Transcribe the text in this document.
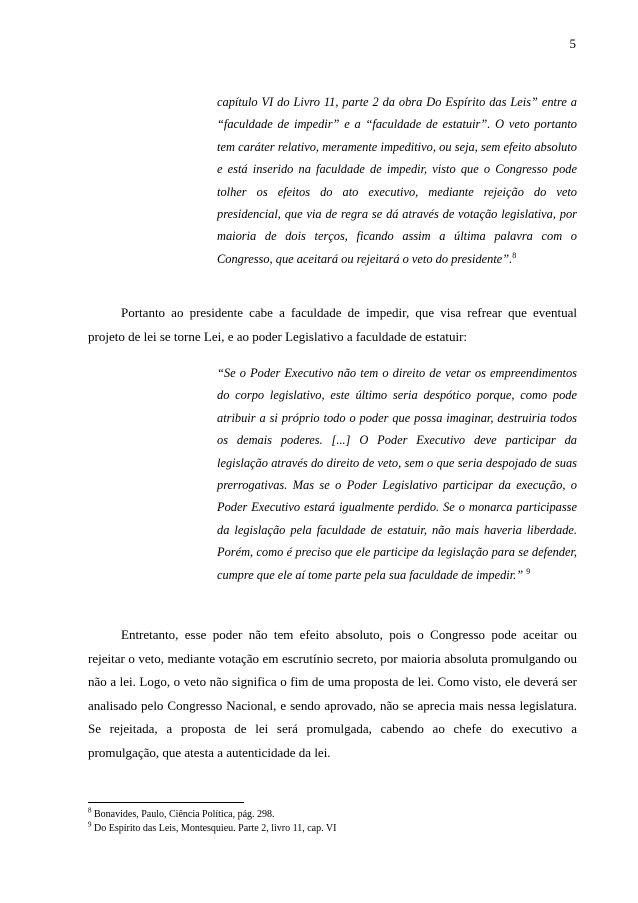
5
capítulo VI do Livro 11, parte 2 da obra Do Espírito das Leis” entre a “faculdade de impedir” e a “faculdade de estatuir”. O veto portanto tem caráter relativo, meramente impeditivo, ou seja, sem efeito absoluto e está inserido na faculdade de impedir, visto que o Congresso pode tolher os efeitos do ato executivo, mediante rejeição do veto presidencial, que via de regra se dá através de votação legislativa, por maioria de dois terços, ficando assim a última palavra com o Congresso, que aceitará ou rejeitará o veto do presidente”.$^8$
Portanto ao presidente cabe a faculdade de impedir, que visa refrear que eventual projeto de lei se torne Lei, e ao poder Legislativo a faculdade de estatuir:
“Se o Poder Executivo não tem o direito de vetar os empreendimentos do corpo legislativo, este último seria despótico porque, como pode atribuir a si próprio todo o poder que possa imaginar, destruiria todos os demais poderes. [...] O Poder Executivo deve participar da legislação através do direito de veto, sem o que seria despojado de suas prerrogativas. Mas se o Poder Legislativo participar da execução, o Poder Executivo estará igualmente perdido. Se o monarca participasse da legislação pela faculdade de estatuir, não mais haveria liberdade. Porém, como é preciso que ele participe da legislação para se defender, cumpre que ele aí tome parte pela sua faculdade de impedir.” $^9$
Entretanto, esse poder não tem efeito absoluto, pois o Congresso pode aceitar ou rejeitar o veto, mediante votação em escrutínio secreto, por maioria absoluta promulgando ou não a lei. Logo, o veto não significa o fim de uma proposta de lei. Como visto, ele deverá ser analisado pelo Congresso Nacional, e sendo aprovado, não se aprecia mais nessa legislatura. Se rejeitada, a proposta de lei será promulgada, cabendo ao chefe do executivo a promulgação, que atesta a autenticidade da lei.
$^8$ Bonavides, Paulo, Ciência Política, pág. 298.
$^9$ Do Espírito das Leis, Montesquieu. Parte 2, livro 11, cap. VI
